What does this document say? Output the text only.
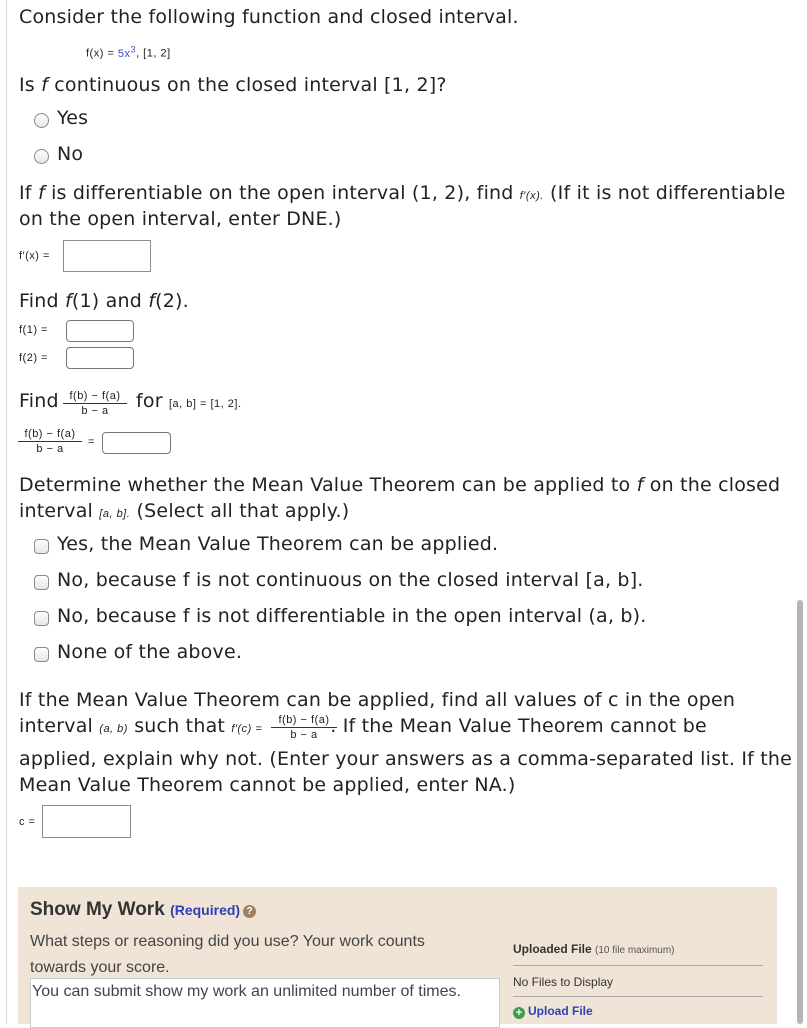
Consider the following function and closed interval.
$f(x) = 5x^3$, [1, 2]
Is f continuous on the closed interval [1, 2]?
Yes
No
If f is differentiable on the open interval (1, 2), find f′(x). (If it is not differentiable
on the open interval, enter DNE.)
f′(x) =
Find f(1) and f(2).
f(1) =
f(2) =
Find $\frac{f(b) - f(a)}{b - a}$ for [a, b] = [1, 2].
$\frac{f(b) - f(a)}{b - a}$ =
Determine whether the Mean Value Theorem can be applied to f on the closed
interval [a, b]. (Select all that apply.)
Yes, the Mean Value Theorem can be applied.
No, because f is not continuous on the closed interval [a, b].
No, because f is not differentiable in the open interval (a, b).
None of the above.
If the Mean Value Theorem can be applied, find all values of c in the open
interval (a, b) such that f′(c) =	. If the Mean Value Theorem cannot be
$\frac{f(b) - f(a)}{b - a}$
applied, explain why not. (Enter your answers as a comma-separated list. If the
Mean Value Theorem cannot be applied, enter NA.)
c =
Show My Work (Required) ?
What steps or reasoning did you use? Your work counts towards your score.
You can submit show my work an unlimited number of times.
Uploaded File (10 file maximum)
No Files to Display
+ Upload File
